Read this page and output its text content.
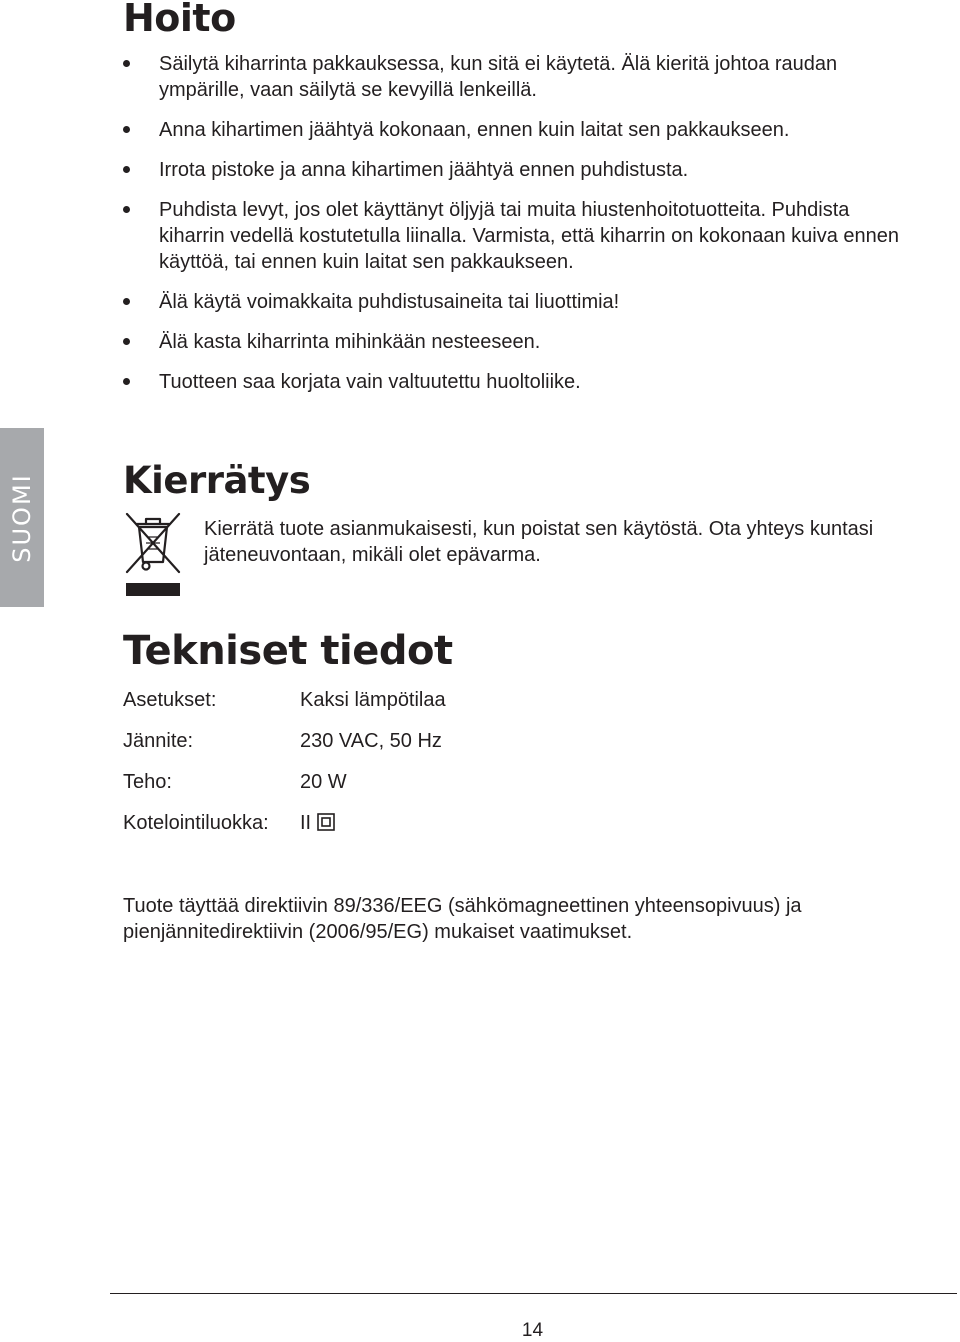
Hoito
Säilytä kiharrinta pakkauksessa, kun sitä ei käytetä. Älä kieritä johtoa raudan ympärille, vaan säilytä se kevyillä lenkeillä.
Anna kihartimen jäähtyä kokonaan, ennen kuin laitat sen pakkaukseen.
Irrota pistoke ja anna kihartimen jäähtyä ennen puhdistusta.
Puhdista levyt, jos olet käyttänyt öljyjä tai muita hiustenhoitotuotteita. Puhdista kiharrin vedellä kostutetulla liinalla. Varmista, että kiharrin on kokonaan kuiva ennen käyttöä, tai ennen kuin laitat sen pakkaukseen.
Älä käytä voimakkaita puhdistusaineita tai liuottimia!
Älä kasta kiharrinta mihinkään nesteeseen.
Tuotteen saa korjata vain valtuutettu huoltoliike.
SUOMI Kierrätys

Kierrätä tuote asianmukaisesti, kun poistat sen käytöstä. Ota yhteys kuntasi jäteneuvontaan, mikäli olet epävarma.

Tekniset tiedot
Asetukset:	Kaksi lämpötilaa
Jännite:	230 VAC, 50 Hz
Teho:	20 W
Kotelointiluokka: II

Tuote täyttää direktiivin 89/336/EEG (sähkömagneettinen yhteensopivuus) ja pienjännitedirektiivin (2006/95/EG) mukaiset vaatimukset.

14
